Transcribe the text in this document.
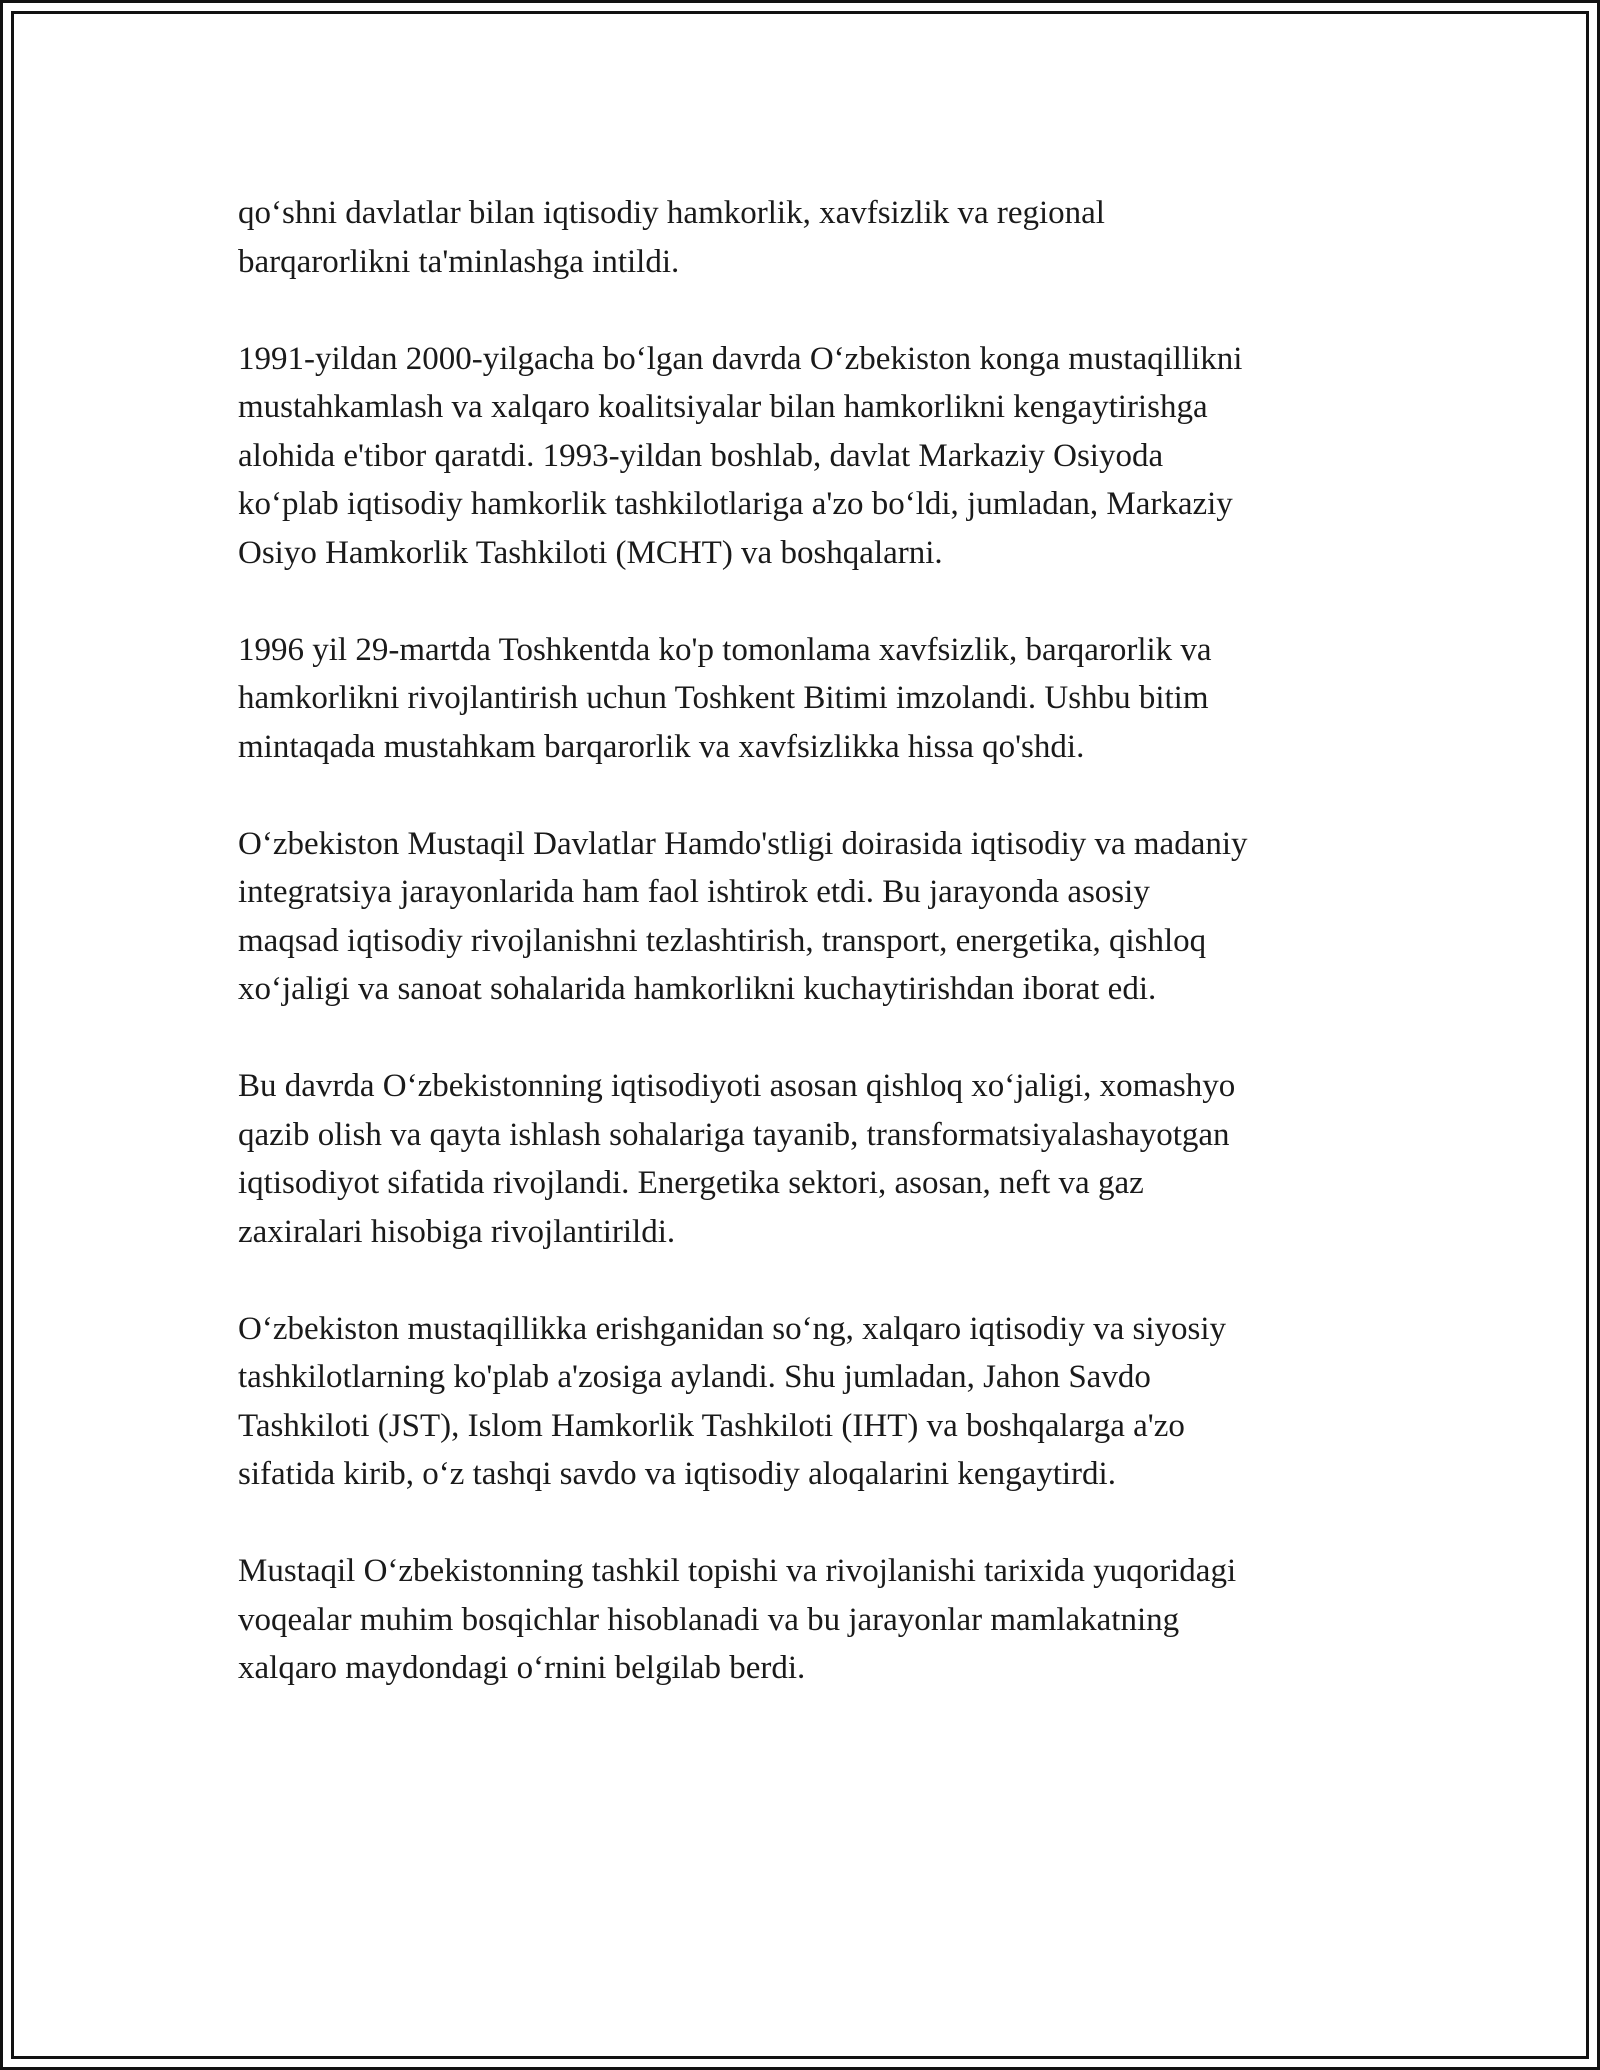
qo‘shni davlatlar bilan iqtisodiy hamkorlik, xavfsizlik va regional
barqarorlikni ta'minlashga intildi.

1991-yildan 2000-yilgacha bo‘lgan davrda O‘zbekiston konga mustaqillikni
mustahkamlash va xalqaro koalitsiyalar bilan hamkorlikni kengaytirishga
alohida e'tibor qaratdi. 1993-yildan boshlab, davlat Markaziy Osiyoda
ko‘plab iqtisodiy hamkorlik tashkilotlariga a'zo bo‘ldi, jumladan, Markaziy
Osiyo Hamkorlik Tashkiloti (MCHT) va boshqalarni.

1996 yil 29-martda Toshkentda ko'p tomonlama xavfsizlik, barqarorlik va
hamkorlikni rivojlantirish uchun Toshkent Bitimi imzolandi. Ushbu bitim
mintaqada mustahkam barqarorlik va xavfsizlikka hissa qo'shdi.

O‘zbekiston Mustaqil Davlatlar Hamdo'stligi doirasida iqtisodiy va madaniy
integratsiya jarayonlarida ham faol ishtirok etdi. Bu jarayonda asosiy
maqsad iqtisodiy rivojlanishni tezlashtirish, transport, energetika, qishloq
xo‘jaligi va sanoat sohalarida hamkorlikni kuchaytirishdan iborat edi.

Bu davrda O‘zbekistonning iqtisodiyoti asosan qishloq xo‘jaligi, xomashyo
qazib olish va qayta ishlash sohalariga tayanib, transformatsiyalashayotgan
iqtisodiyot sifatida rivojlandi. Energetika sektori, asosan, neft va gaz
zaxiralari hisobiga rivojlantirildi.

O‘zbekiston mustaqillikka erishganidan so‘ng, xalqaro iqtisodiy va siyosiy
tashkilotlarning ko'plab a'zosiga aylandi. Shu jumladan, Jahon Savdo
Tashkiloti (JST), Islom Hamkorlik Tashkiloti (IHT) va boshqalarga a'zo
sifatida kirib, o‘z tashqi savdo va iqtisodiy aloqalarini kengaytirdi.

Mustaqil O‘zbekistonning tashkil topishi va rivojlanishi tarixida yuqoridagi
voqealar muhim bosqichlar hisoblanadi va bu jarayonlar mamlakatning
xalqaro maydondagi o‘rnini belgilab berdi.
